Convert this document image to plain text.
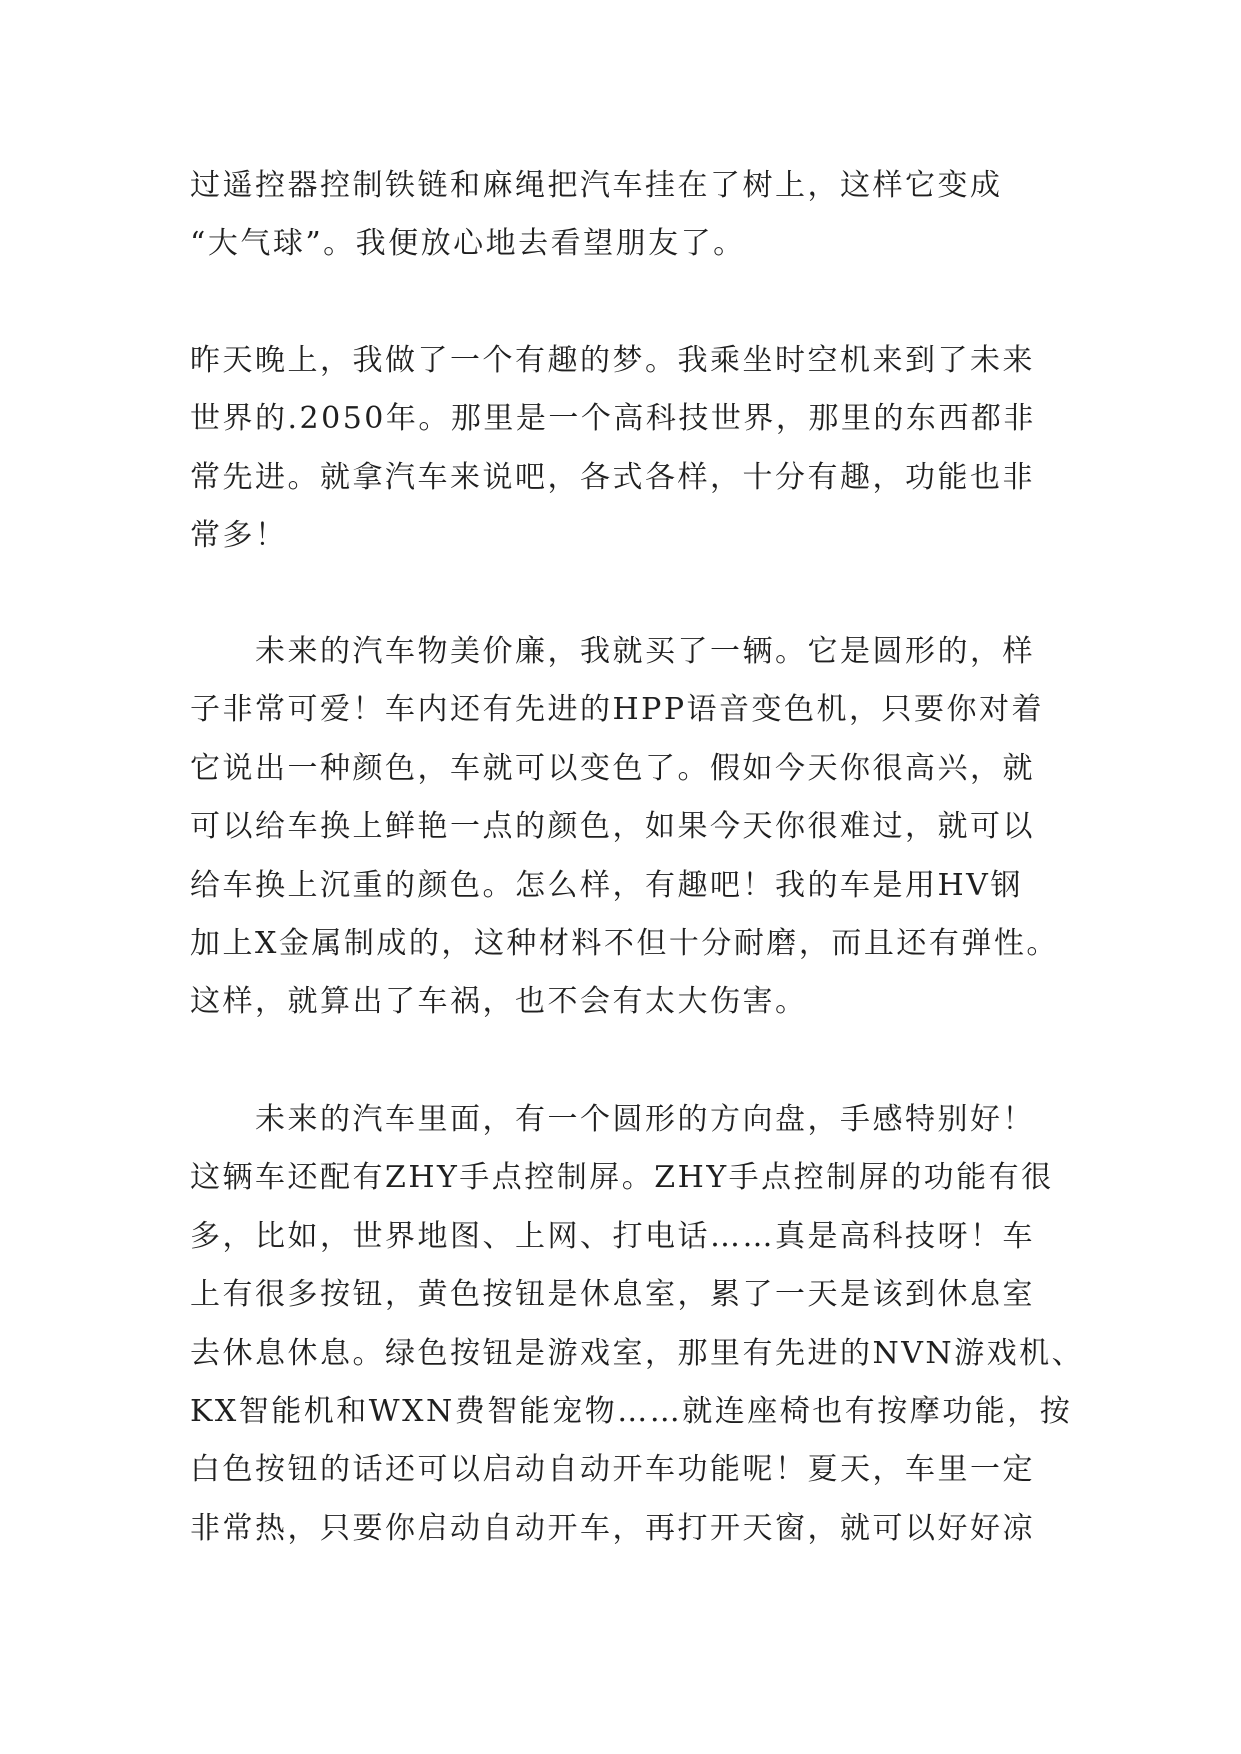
过遥控器控制铁链和麻绳把汽车挂在了树上，这样它变成
“大气球”。我便放心地去看望朋友了。
昨天晚上，我做了一个有趣的梦。我乘坐时空机来到了未来
世界的.2050年。那里是一个高科技世界，那里的东西都非
常先进。就拿汽车来说吧，各式各样，十分有趣，功能也非
常多！
　　未来的汽车物美价廉，我就买了一辆。它是圆形的，样
子非常可爱！车内还有先进的HPP语音变色机，只要你对着
它说出一种颜色，车就可以变色了。假如今天你很高兴，就
可以给车换上鲜艳一点的颜色，如果今天你很难过，就可以
给车换上沉重的颜色。怎么样，有趣吧！我的车是用HV钢
加上X金属制成的，这种材料不但十分耐磨，而且还有弹性。
这样，就算出了车祸，也不会有太大伤害。
　　未来的汽车里面，有一个圆形的方向盘，手感特别好！
这辆车还配有ZHY手点控制屏。ZHY手点控制屏的功能有很
多，比如，世界地图、上网、打电话……真是高科技呀！车
上有很多按钮，黄色按钮是休息室，累了一天是该到休息室
去休息休息。绿色按钮是游戏室，那里有先进的NVN游戏机、
KX智能机和WXN费智能宠物……就连座椅也有按摩功能，按
白色按钮的话还可以启动自动开车功能呢！夏天，车里一定
非常热，只要你启动自动开车，再打开天窗，就可以好好凉
